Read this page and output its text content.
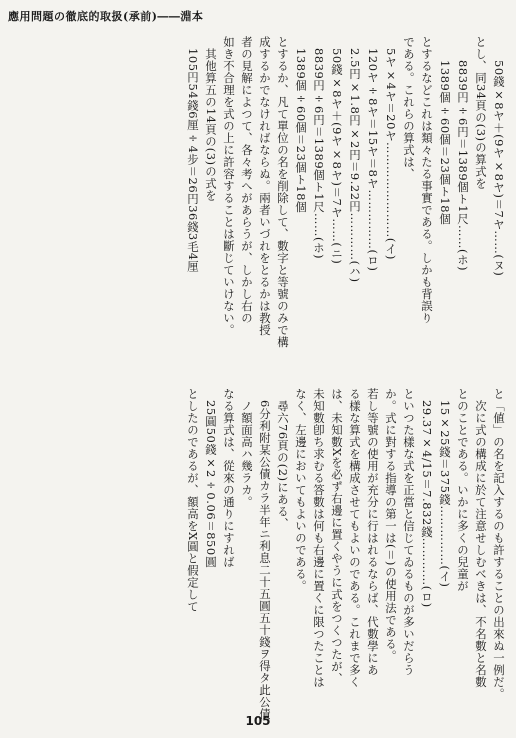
應用問題の徹底的取扱(承前)――淵本
50錢×8ヤ＋(9ヤ×8ヤ)＝7ヤ……(ヌ)
とし、同34頁の(3)の算式を
8839円÷6円＝1389個ト1尺……(ホ)
1389個÷60個＝23個ト18個
とするなどこれは類々たる事實である。しかも背誤り
である。これらの算式は、
5ヤ×4ヤ＝20ヤ……………………(イ)
120ヤ÷8ヤ＝15ヤ＝8ヤ……………(ロ)
2.5円×1.8円×2円＝9.22円…………(ハ)
50錢×8ヤ＋(9ヤ×8ヤ)＝7ヤ……(ニ)
8839円÷6円＝1389個ト1尺……(ホ)
1389個÷60個＝23個ト18個
とするか、凡て單位の名を削除して、數字と等號のみで構
成するかでなければならぬ。兩者いづれをとるかは教授
者の見解によつて、各々考へがあらうが、しかし右の
如き不合理を式の上に許容することは斷じていけない。
其他算五の14頁の(3)の式を
105円54錢6厘÷4步＝26円36錢3毛4厘
と「値」の名を記入するのも許することの出來ぬ一例だ。
次に式の構成に於て注意せしむべきは、不名數と名數
とのことである。いかに多くの兒童が
15×25錢＝375錢……………(イ)
29.37×4/15＝7.832錢…………(ロ)
といつた樣な式を正當と信じてゐるものが多いだらう
か。式に對する指導の第一は(＝)の使用法である。
若し等號の使用が充分に行はれるならば、代數學にあ
る樣な算式を構成させてもよいのである。これまで多く
は、未知數Xを必ず右邊に置くやうに式をつくつたが、
未知數卽ち求むる答數は何も右邊に置くに限つたことは
なく、左邊においてもよいのである。
尋六76頁の(2)にある、
6分利附某公債カラ半年ニ利息二十五圓五十錢ヲ得タ此公債
ノ額面高ハ幾ラカ。
なる算式は、從來の通りにすれば
25圓50錢×2÷0.06＝850圓
としたのであるが、額高をX圓と假定して
105
